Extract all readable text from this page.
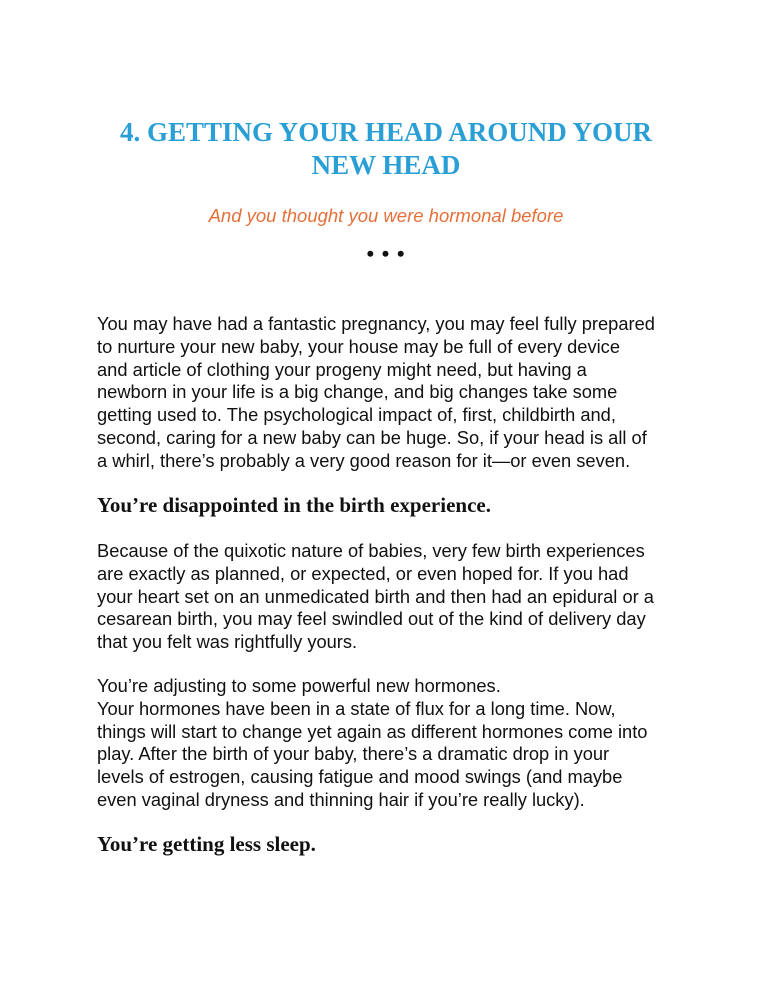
4. GETTING YOUR HEAD AROUND YOUR
NEW HEAD

And you thought you were hormonal before

• • •

You may have had a fantastic pregnancy, you may feel fully prepared
to nurture your new baby, your house may be full of every device
and article of clothing your progeny might need, but having a
newborn in your life is a big change, and big changes take some
getting used to. The psychological impact of, first, childbirth and,
second, caring for a new baby can be huge. So, if your head is all of
a whirl, there’s probably a very good reason for it—or even seven.

You’re disappointed in the birth experience.

Because of the quixotic nature of babies, very few birth experiences
are exactly as planned, or expected, or even hoped for. If you had
your heart set on an unmedicated birth and then had an epidural or a
cesarean birth, you may feel swindled out of the kind of delivery day
that you felt was rightfully yours.

You’re adjusting to some powerful new hormones.
Your hormones have been in a state of flux for a long time. Now,
things will start to change yet again as different hormones come into
play. After the birth of your baby, there’s a dramatic drop in your
levels of estrogen, causing fatigue and mood swings (and maybe
even vaginal dryness and thinning hair if you’re really lucky).

You’re getting less sleep.
